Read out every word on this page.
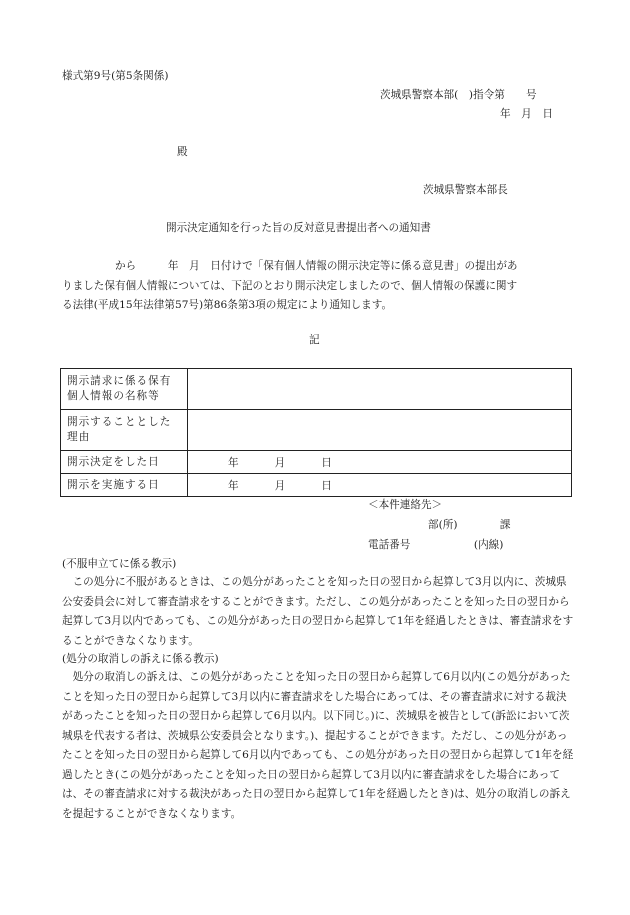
様式第9号(第5条関係)
茨城県警察本部(　)指令第　　号
年　月　日
殿
茨城県警察本部長
開示決定通知を行った旨の反対意見書提出者への通知書

　　　　　から　　　年　月　日付けで「保有個人情報の開示決定等に係る意見書」の提出があ

りました保有個人情報については、下記のとおり開示決定しましたので、個人情報の保護に関す

る法律(平成15年法律第57号)第86条第3項の規定により通知します。

記
開示請求に係る保有個人情報の名称等	
開示することとした理由	
開示決定をした日	年 月 日

開示を実施する日	年 月 日
＜本件連絡先＞
部(所)　　　　課
電話番号　　　　　　(内線)
(不服申立てに係る教示)
　この処分に不服があるときは、この処分があったことを知った日の翌日から起算して3月以内に、茨城県公安委員会に対して審査請求をすることができます。ただし、この処分があったことを知った日の翌日から起算して3月以内であっても、この処分があった日の翌日から起算して1年を経過したときは、審査請求をすることができなくなります。
(処分の取消しの訴えに係る教示)
　処分の取消しの訴えは、この処分があったことを知った日の翌日から起算して6月以内(この処分があったことを知った日の翌日から起算して3月以内に審査請求をした場合にあっては、その審査請求に対する裁決があったことを知った日の翌日から起算して6月以内。以下同じ。)に、茨城県を被告として(訴訟において茨城県を代表する者は、茨城県公安委員会となります。)、提起することができます。ただし、この処分があったことを知った日の翌日から起算して6月以内であっても、この処分があった日の翌日から起算して1年を経過したとき(この処分があったことを知った日の翌日から起算して3月以内に審査請求をした場合にあっては、その審査請求に対する裁決があった日の翌日から起算して1年を経過したとき)は、処分の取消しの訴えを提起することができなくなります。
